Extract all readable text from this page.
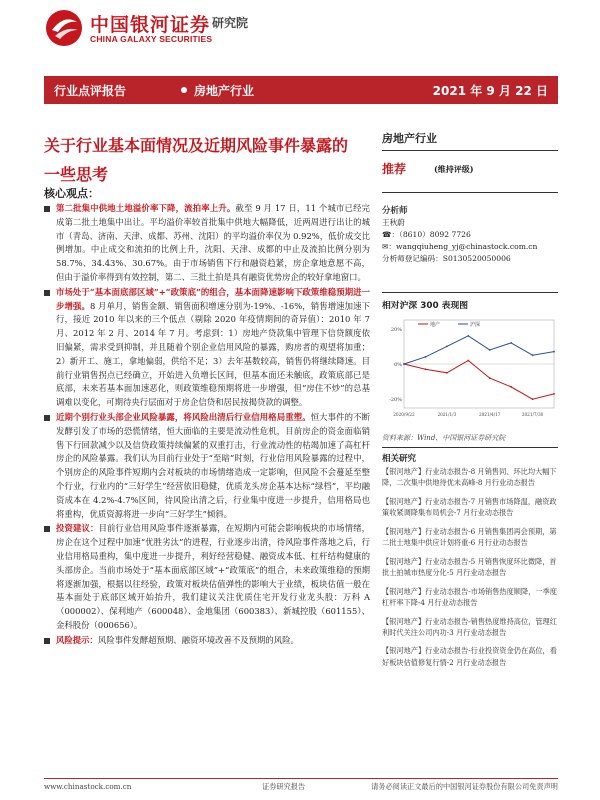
中国银河证券
CHINA GALAXY SECURITIES
研究院
行业点评报告	房地产行业	2021 年 9 月 22 日
关于行业基本面情况及近期风险事件暴露的
一些思考
核心观点：

第二批集中供地土地溢价率下降，流拍率上升。截至 9 月 17 日，11 个城市已经完成第二批土地集中出让。平均溢价率较首批集中供地大幅降低，近两周进行出让的城市（青岛、济南、天津、成都、苏州、沈阳）的平均溢价率仅为 0.92%，低价成交比例增加。中止成交和流拍的比例上升，沈阳、天津、成都的中止及流拍比例分别为 58.7%、34.43%、30.67%。由于市场销售下行和融资趋紧，房企拿地意愿不高，但由于溢价率得到有效控制，第二、三批土拍是具有融资优势房企的较好拿地窗口。

市场处于“基本面底部区域”+“政策底”的组合，基本面降速影响下政策维稳预期进一步增强。8 月单月，销售金额、销售面积增速分别为-19%、-16%，销售增速加速下行，接近 2010 年以来的三个低点（剔除 2020 年疫情期间的奇异值）：2010 年 7 月、2012 年 2 月、2014 年 7 月。考虑到：1）房地产贷款集中管理下信贷额度依旧偏紧，需求受到抑制，并且随着个别企业信用风险的暴露，购房者的观望将加重；2）新开工、施工，拿地偏弱，供给不足；3）去年基数较高，销售仍将继续降速。目前行业销售拐点已经确立，开始进入负增长区间，但基本面还未触底，政策底部已是底部，未来若基本面加速恶化，则政策维稳预期将进一步增强，但“房住不炒”的总基调难以变化，可期待央行层面对于房企信贷和居民按揭贷款的调整。

近期个别行业头部企业风险暴露，将风险出清后行业信用格局重塑。恒大事件的不断发酵引发了市场的恐慌情绪，恒大面临的主要是流动性危机，目前房企的资金面临销售下行回款减少以及信贷政策持续偏紧的双重打击，行业流动性的枯竭加速了高杠杆房企的风险暴露。我们认为目前行业处于“至暗”时刻，行业信用风险暴露的过程中，个别房企的风险事件短期内会对板块的市场情绪造成一定影响，但风险不会蔓延至整个行业，行业内的“三好学生”经营依旧稳健，优质龙头房企基本达标“绿档”，平均融资成本在 4.2%-4.7%区间，待风险出清之后，行业集中度进一步提升，信用格局也将重构，优质资源将进一步向“三好学生”倾斜。

投资建议：目前行业信用风险事件逐渐暴露，在短期内可能会影响板块的市场情绪，房企在这个过程中加速“优胜劣汰”的进程，行业逐步出清，待风险事件落地之后，行业信用格局重构，集中度进一步提升，利好经营稳健、融资成本低、杠杆结构健康的头部房企。当前市场处于“基本面底部区域”+“政策底”的组合，未来政策维稳的预期将逐渐加强，根据以往经验，政策对板块估值弹性的影响大于业绩，板块估值一般在基本面处于底部区域开始抬升，我们建议关注优质住宅开发行业龙头股：万科 A（000002）、保利地产（600048）、金地集团（600383）、新城控股（601155）、金科股份（000656）。

风险提示：风险事件发酵超预期、融资环境改善不及预期的风险。

房地产行业
推荐	(维持评级)
分析师
王秋蔚
☎：（8610）8092 7726
✉：wangqiuheng_yj@chinastock.com.cn
分析师登记编码：S0130520050006
相对沪深 300 表现图
-20%
0%
20%
2020/9/22	2021/1/3	2021/4/17	2021/7/30
地产	沪深
资料来源：Wind、中国银河证券研究院
相关研究
【银河地产】行业动态报告-8 月销售同、环比均大幅下降，二次集中供地待优未高峰-8 月行业动态报告
【银河地产】行业动态报告-7 月销售市场降温，融资政策收紧调降集布局机会-7 月行业动态报告
【银河地产】行业动态报告-6 月销售集团再会预期，第二批土地集中供应计划将重-6 月行业动态报告
【银河地产】行业动态报告-5 月销售恢度环比微降，首批土拍城市热度分化-5 月行业动态报告
【银河地产】行业动态报告-市场销售热度顺降，一季度杠杆率下降-4 月行业动态报告
【银河地产】行业动态报告-销售热度维持高位，管理红利时代关注公司内功-3 月行业动态报告
【银河地产】行业动态报告-行业投资资金仍在高位，看好板块估值修复行情-2 月行业动态报告
www.chinastock.com.cn	证券研究报告	请务必阅读正文最后的中国银河证券股份有限公司免责声明
